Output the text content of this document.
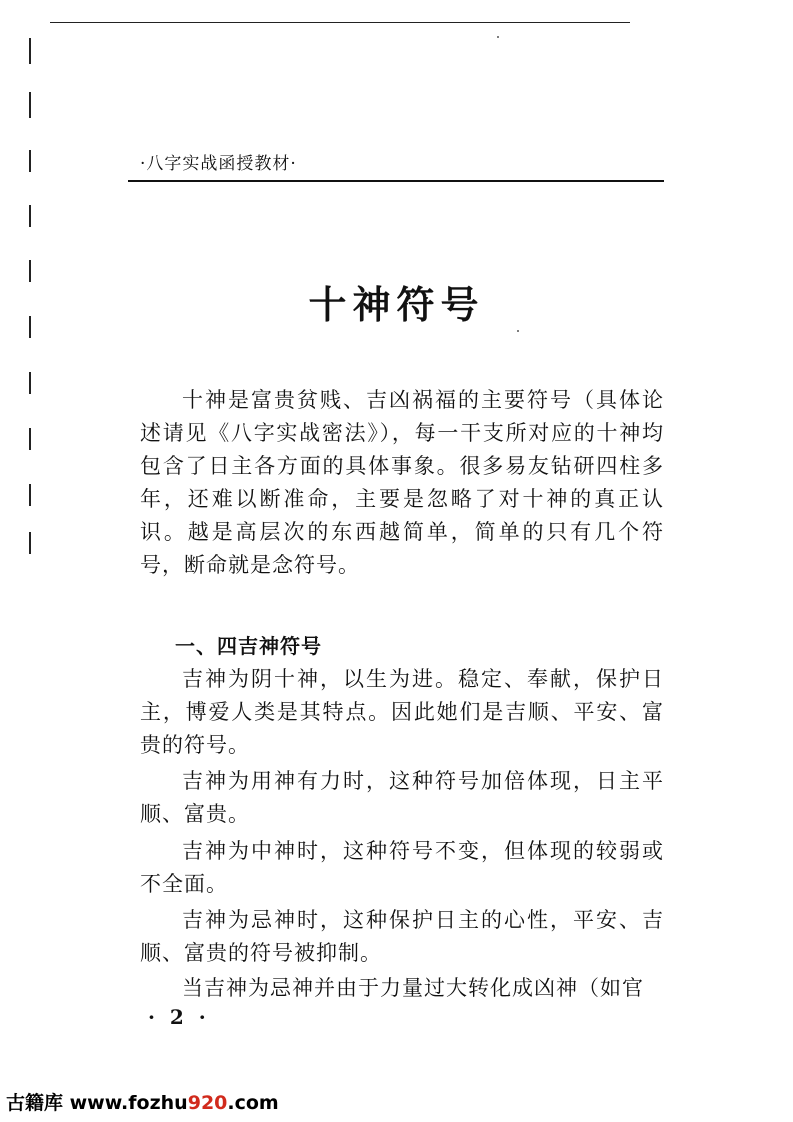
·八字实战函授教材·
十神符号

十神是富贵贫贱、吉凶祸福的主要符号（具体论述请见《八字实战密法》），每一干支所对应的十神均包含了日主各方面的具体事象。很多易友钻研四柱多年，还难以断准命，主要是忽略了对十神的真正认识。越是高层次的东西越简单，简单的只有几个符号，断命就是念符号。

一、四吉神符号

吉神为阴十神，以生为进。稳定、奉献，保护日主，博爱人类是其特点。因此她们是吉顺、平安、富贵的符号。

吉神为用神有力时，这种符号加倍体现，日主平顺、富贵。

吉神为中神时，这种符号不变，但体现的较弱或不全面。

吉神为忌神时，这种保护日主的心性，平安、吉顺、富贵的符号被抑制。

当吉神为忌神并由于力量过大转化成凶神（如官

· 2 ·
古籍库 www.fozhu920.com
